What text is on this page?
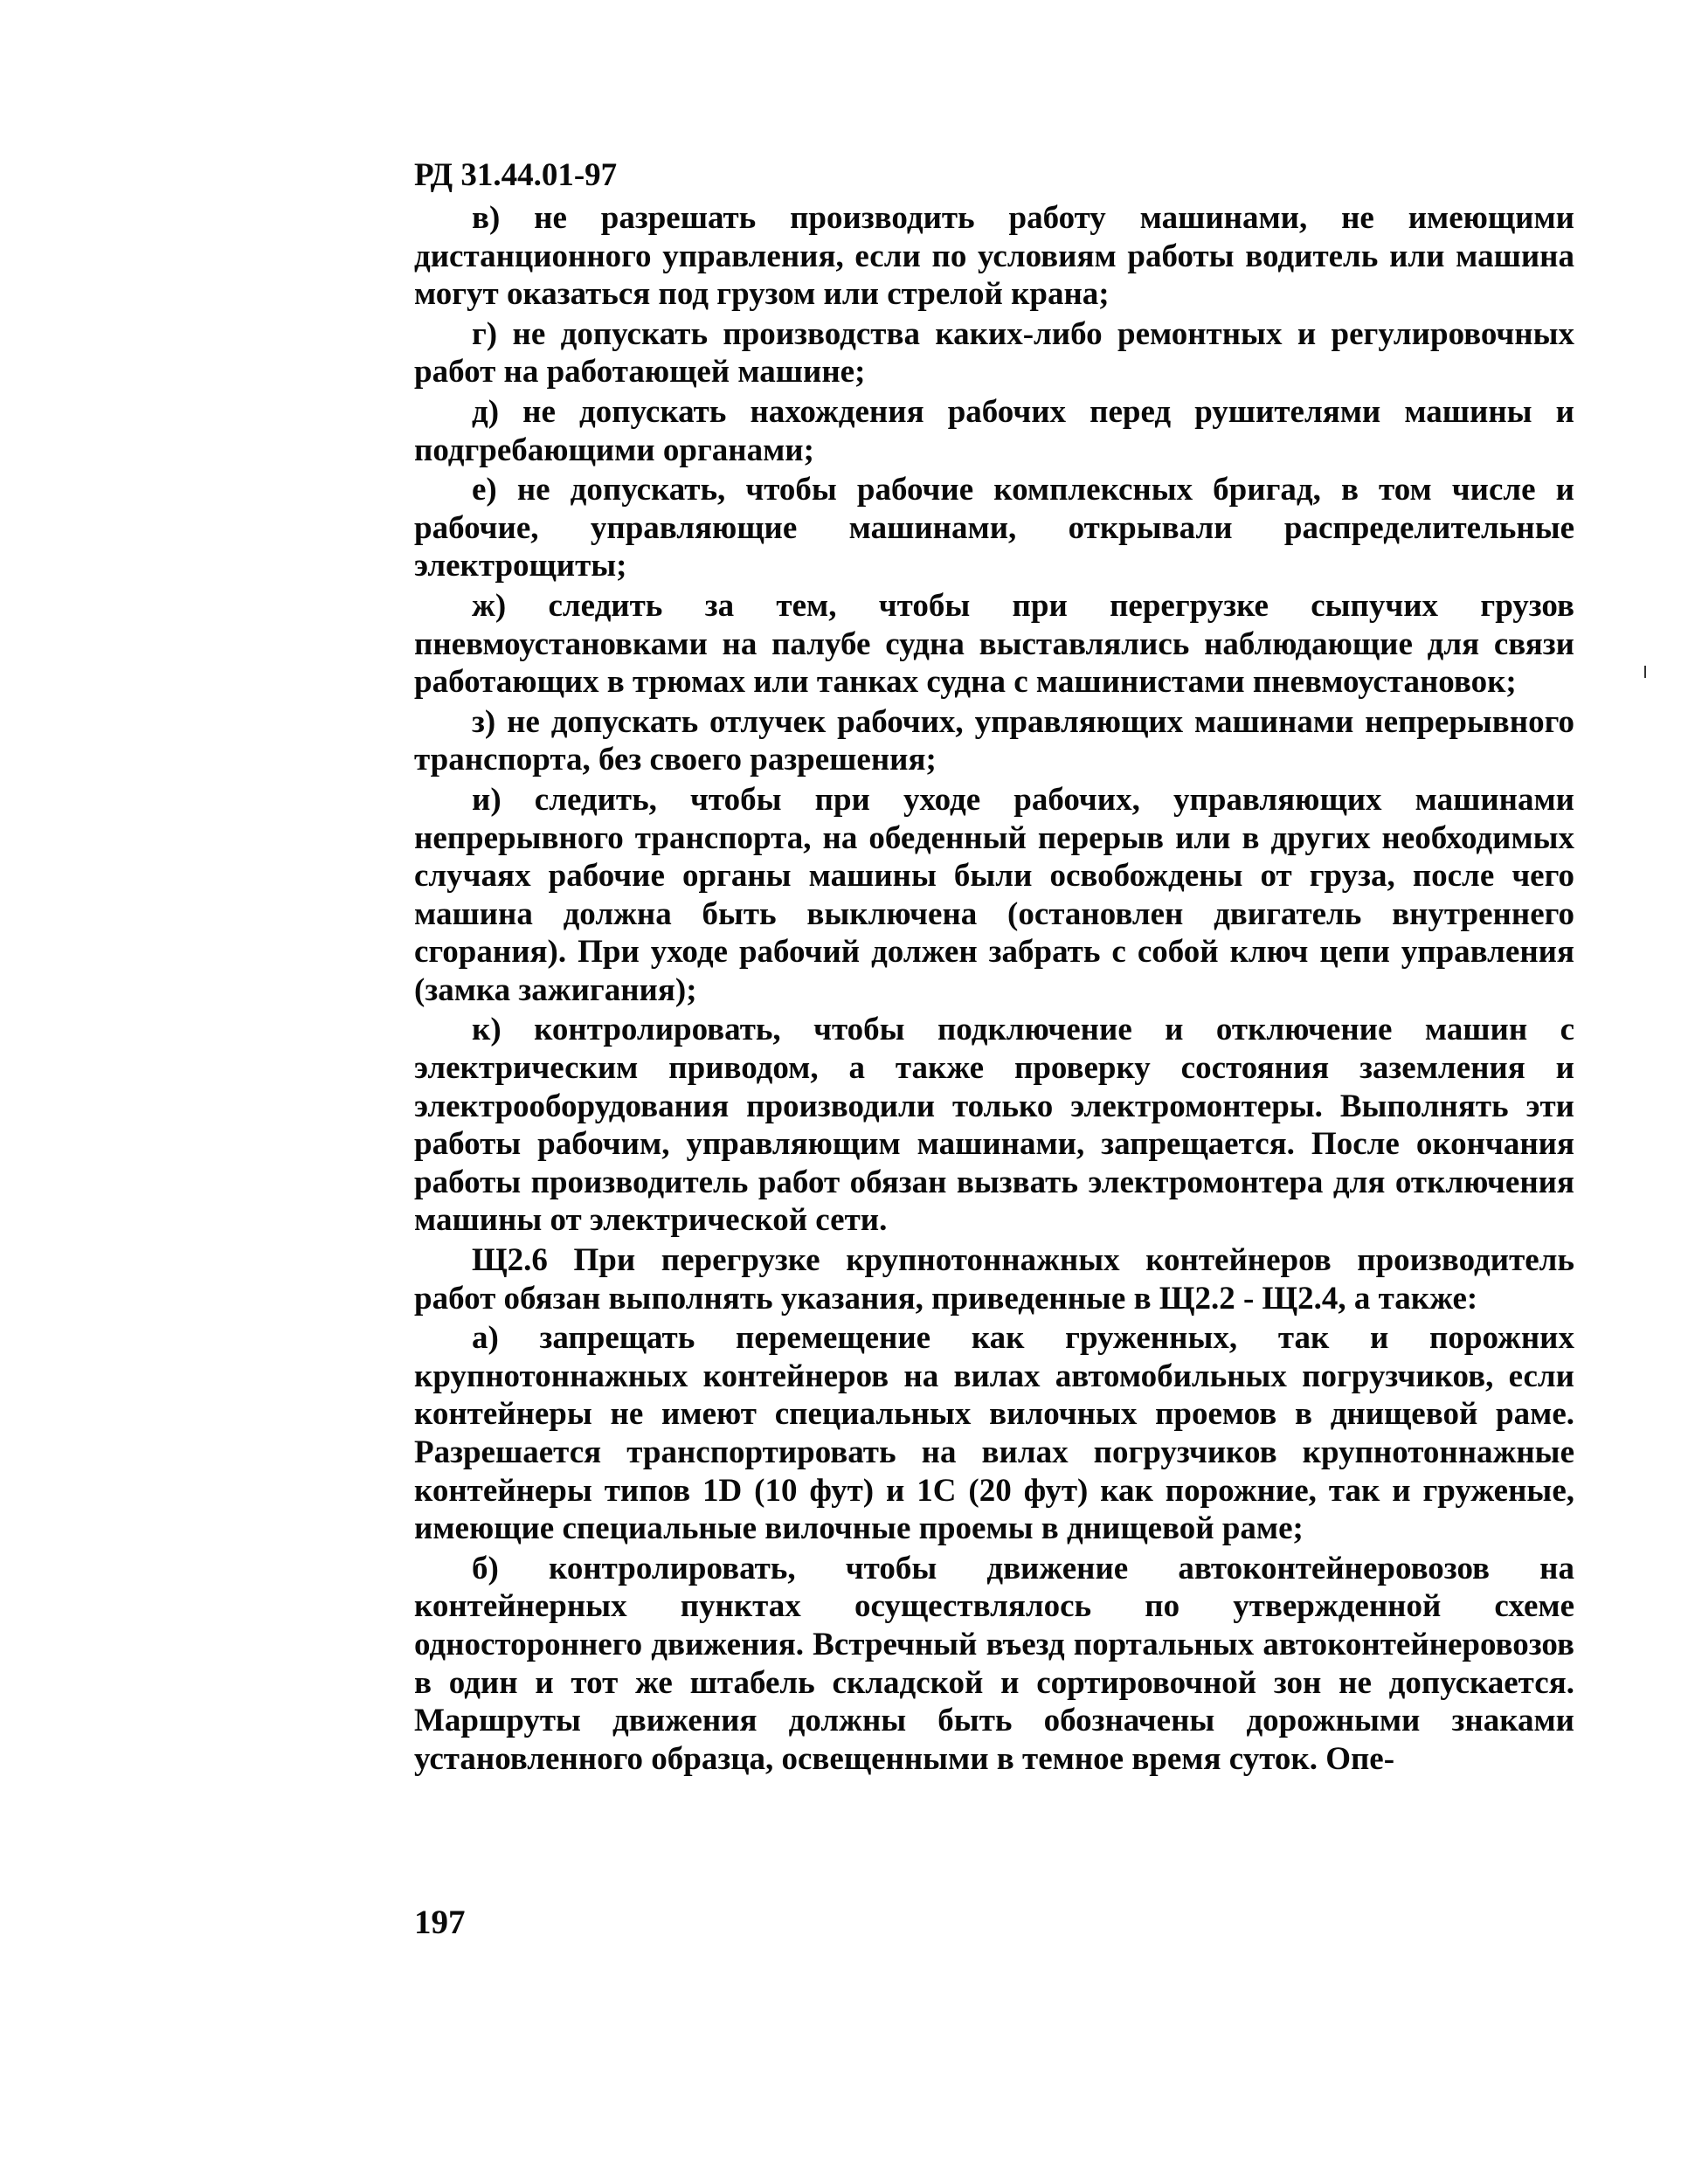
РД 31.44.01-97

в) не разрешать производить работу машинами, не имеющими дистанционного управления, если по условиям работы водитель или машина могут оказаться под грузом или стрелой крана;

г) не допускать производства каких-либо ремонтных и регулировочных работ на работающей машине;

д) не допускать нахождения рабочих перед рушителями машины и подгребающими органами;

е) не допускать, чтобы рабочие комплексных бригад, в том числе и рабочие, управляющие машинами, открывали распределительные электрощиты;

ж) следить за тем, чтобы при перегрузке сыпучих грузов пневмоустановками на палубе судна выставлялись наблюдающие для связи работающих в трюмах или танках судна с машинистами пневмоустановок;

з) не допускать отлучек рабочих, управляющих машинами непрерывного транспорта, без своего разрешения;

и) следить, чтобы при уходе рабочих, управляющих машинами непрерывного транспорта, на обеденный перерыв или в других необходимых случаях рабочие органы машины были освобождены от груза, после чего машина должна быть выключена (остановлен двигатель внутреннего сгорания). При уходе рабочий должен забрать с собой ключ цепи управления (замка зажигания);

к) контролировать, чтобы подключение и отключение машин с электрическим приводом, а также проверку состояния заземления и электрооборудования производили только электромонтеры. Выполнять эти работы рабочим, управляющим машинами, запрещается. После окончания работы производитель работ обязан вызвать электромонтера для отключения машины от электрической сети.

Щ2.6 При перегрузке крупнотоннажных контейнеров производитель работ обязан выполнять указания, приведенные в Щ2.2 - Щ2.4, а также:

а) запрещать перемещение как груженных, так и порожних крупнотоннажных контейнеров на вилах автомобильных погрузчиков, если контейнеры не имеют специальных вилочных проемов в днищевой раме. Разрешается транспортировать на вилах погрузчиков крупнотоннажные контейнеры типов 1D (10 фут) и 1С (20 фут) как порожние, так и груженые, имеющие специальные вилочные проемы в днищевой раме;

б) контролировать, чтобы движение автоконтейнеровозов на контейнерных пунктах осуществлялось по утвержденной схеме одностороннего движения. Встречный въезд портальных автоконтейнеровозов в один и тот же штабель складской и сортировочной зон не допускается. Маршруты движения должны быть обозначены дорожными знаками установленного образца, освещенными в темное время суток. Опе-

197
